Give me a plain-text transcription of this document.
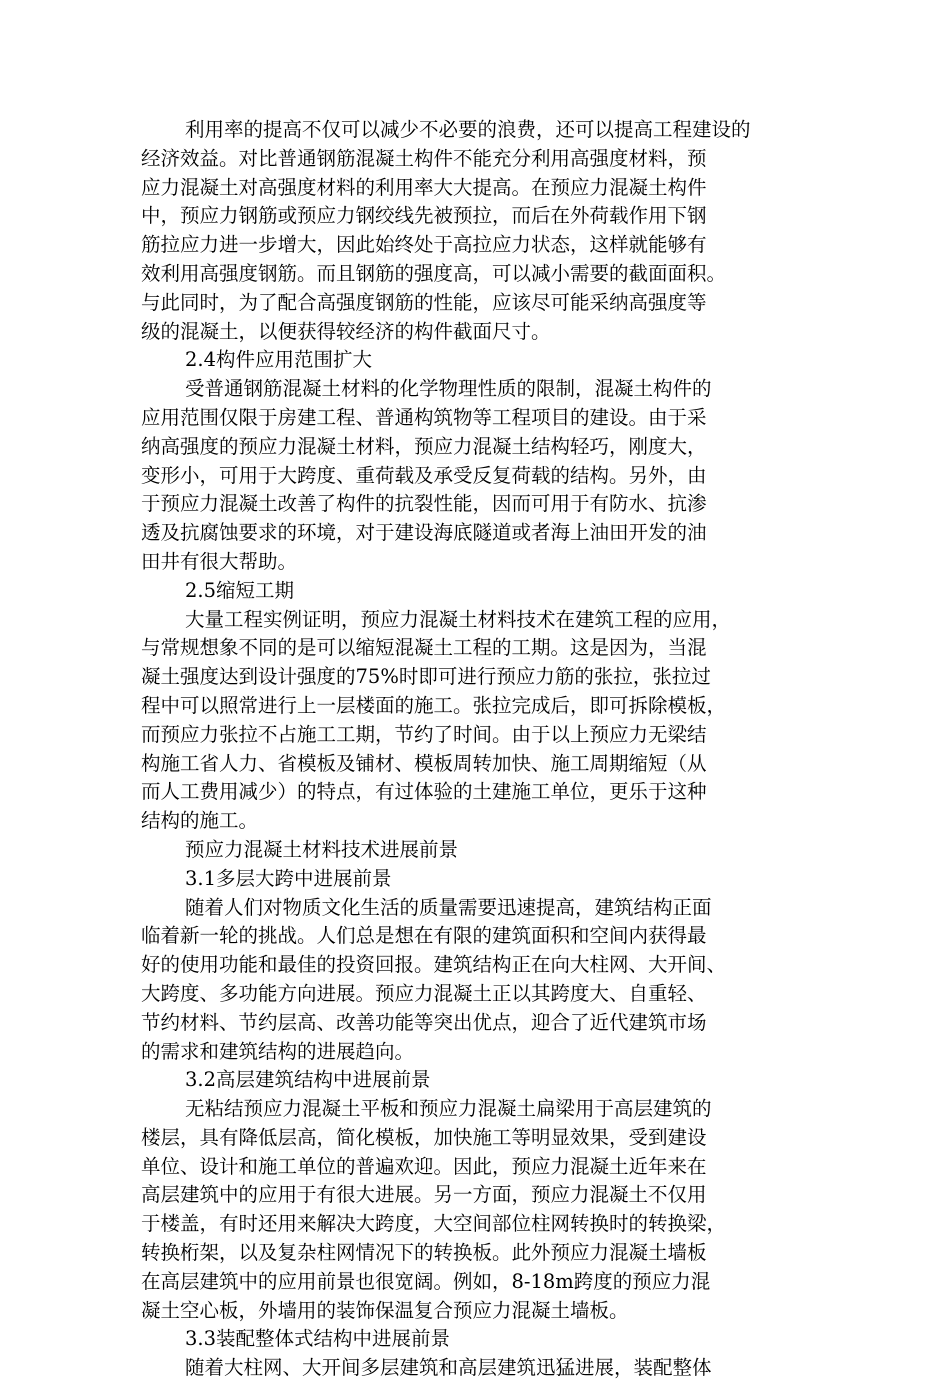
利用率的提高不仅可以减少不必要的浪费，还可以提高工程建设的
经济效益。对比普通钢筋混凝土构件不能充分利用高强度材料，预
应力混凝土对高强度材料的利用率大大提高。在预应力混凝土构件
中，预应力钢筋或预应力钢绞线先被预拉，而后在外荷载作用下钢
筋拉应力进一步增大，因此始终处于高拉应力状态，这样就能够有
效利用高强度钢筋。而且钢筋的强度高，可以减小需要的截面面积。
与此同时，为了配合高强度钢筋的性能，应该尽可能采纳高强度等
级的混凝土，以便获得较经济的构件截面尺寸。
2.4构件应用范围扩大
受普通钢筋混凝土材料的化学物理性质的限制，混凝土构件的
应用范围仅限于房建工程、普通构筑物等工程项目的建设。由于采
纳高强度的预应力混凝土材料，预应力混凝土结构轻巧，刚度大，
变形小，可用于大跨度、重荷载及承受反复荷载的结构。另外，由
于预应力混凝土改善了构件的抗裂性能，因而可用于有防水、抗渗
透及抗腐蚀要求的环境，对于建设海底隧道或者海上油田开发的油
田井有很大帮助。
2.5缩短工期
大量工程实例证明，预应力混凝土材料技术在建筑工程的应用，
与常规想象不同的是可以缩短混凝土工程的工期。这是因为，当混
凝土强度达到设计强度的75%时即可进行预应力筋的张拉，张拉过
程中可以照常进行上一层楼面的施工。张拉完成后，即可拆除模板，
而预应力张拉不占施工工期，节约了时间。由于以上预应力无梁结
构施工省人力、省模板及铺材、模板周转加快、施工周期缩短（从
而人工费用减少）的特点，有过体验的土建施工单位，更乐于这种
结构的施工。
预应力混凝土材料技术进展前景
3.1多层大跨中进展前景
随着人们对物质文化生活的质量需要迅速提高，建筑结构正面
临着新一轮的挑战。人们总是想在有限的建筑面积和空间内获得最
好的使用功能和最佳的投资回报。建筑结构正在向大柱网、大开间、
大跨度、多功能方向进展。预应力混凝土正以其跨度大、自重轻、
节约材料、节约层高、改善功能等突出优点，迎合了近代建筑市场
的需求和建筑结构的进展趋向。
3.2高层建筑结构中进展前景
无粘结预应力混凝土平板和预应力混凝土扁梁用于高层建筑的
楼层，具有降低层高，简化模板，加快施工等明显效果，受到建设
单位、设计和施工单位的普遍欢迎。因此，预应力混凝土近年来在
高层建筑中的应用于有很大进展。另一方面，预应力混凝土不仅用
于楼盖，有时还用来解决大跨度，大空间部位柱网转换时的转换梁，
转换桁架，以及复杂柱网情况下的转换板。此外预应力混凝土墙板
在高层建筑中的应用前景也很宽阔。例如，8-18m跨度的预应力混
凝土空心板，外墙用的装饰保温复合预应力混凝土墙板。
3.3装配整体式结构中进展前景
随着大柱网、大开间多层建筑和高层建筑迅猛进展，装配整体
